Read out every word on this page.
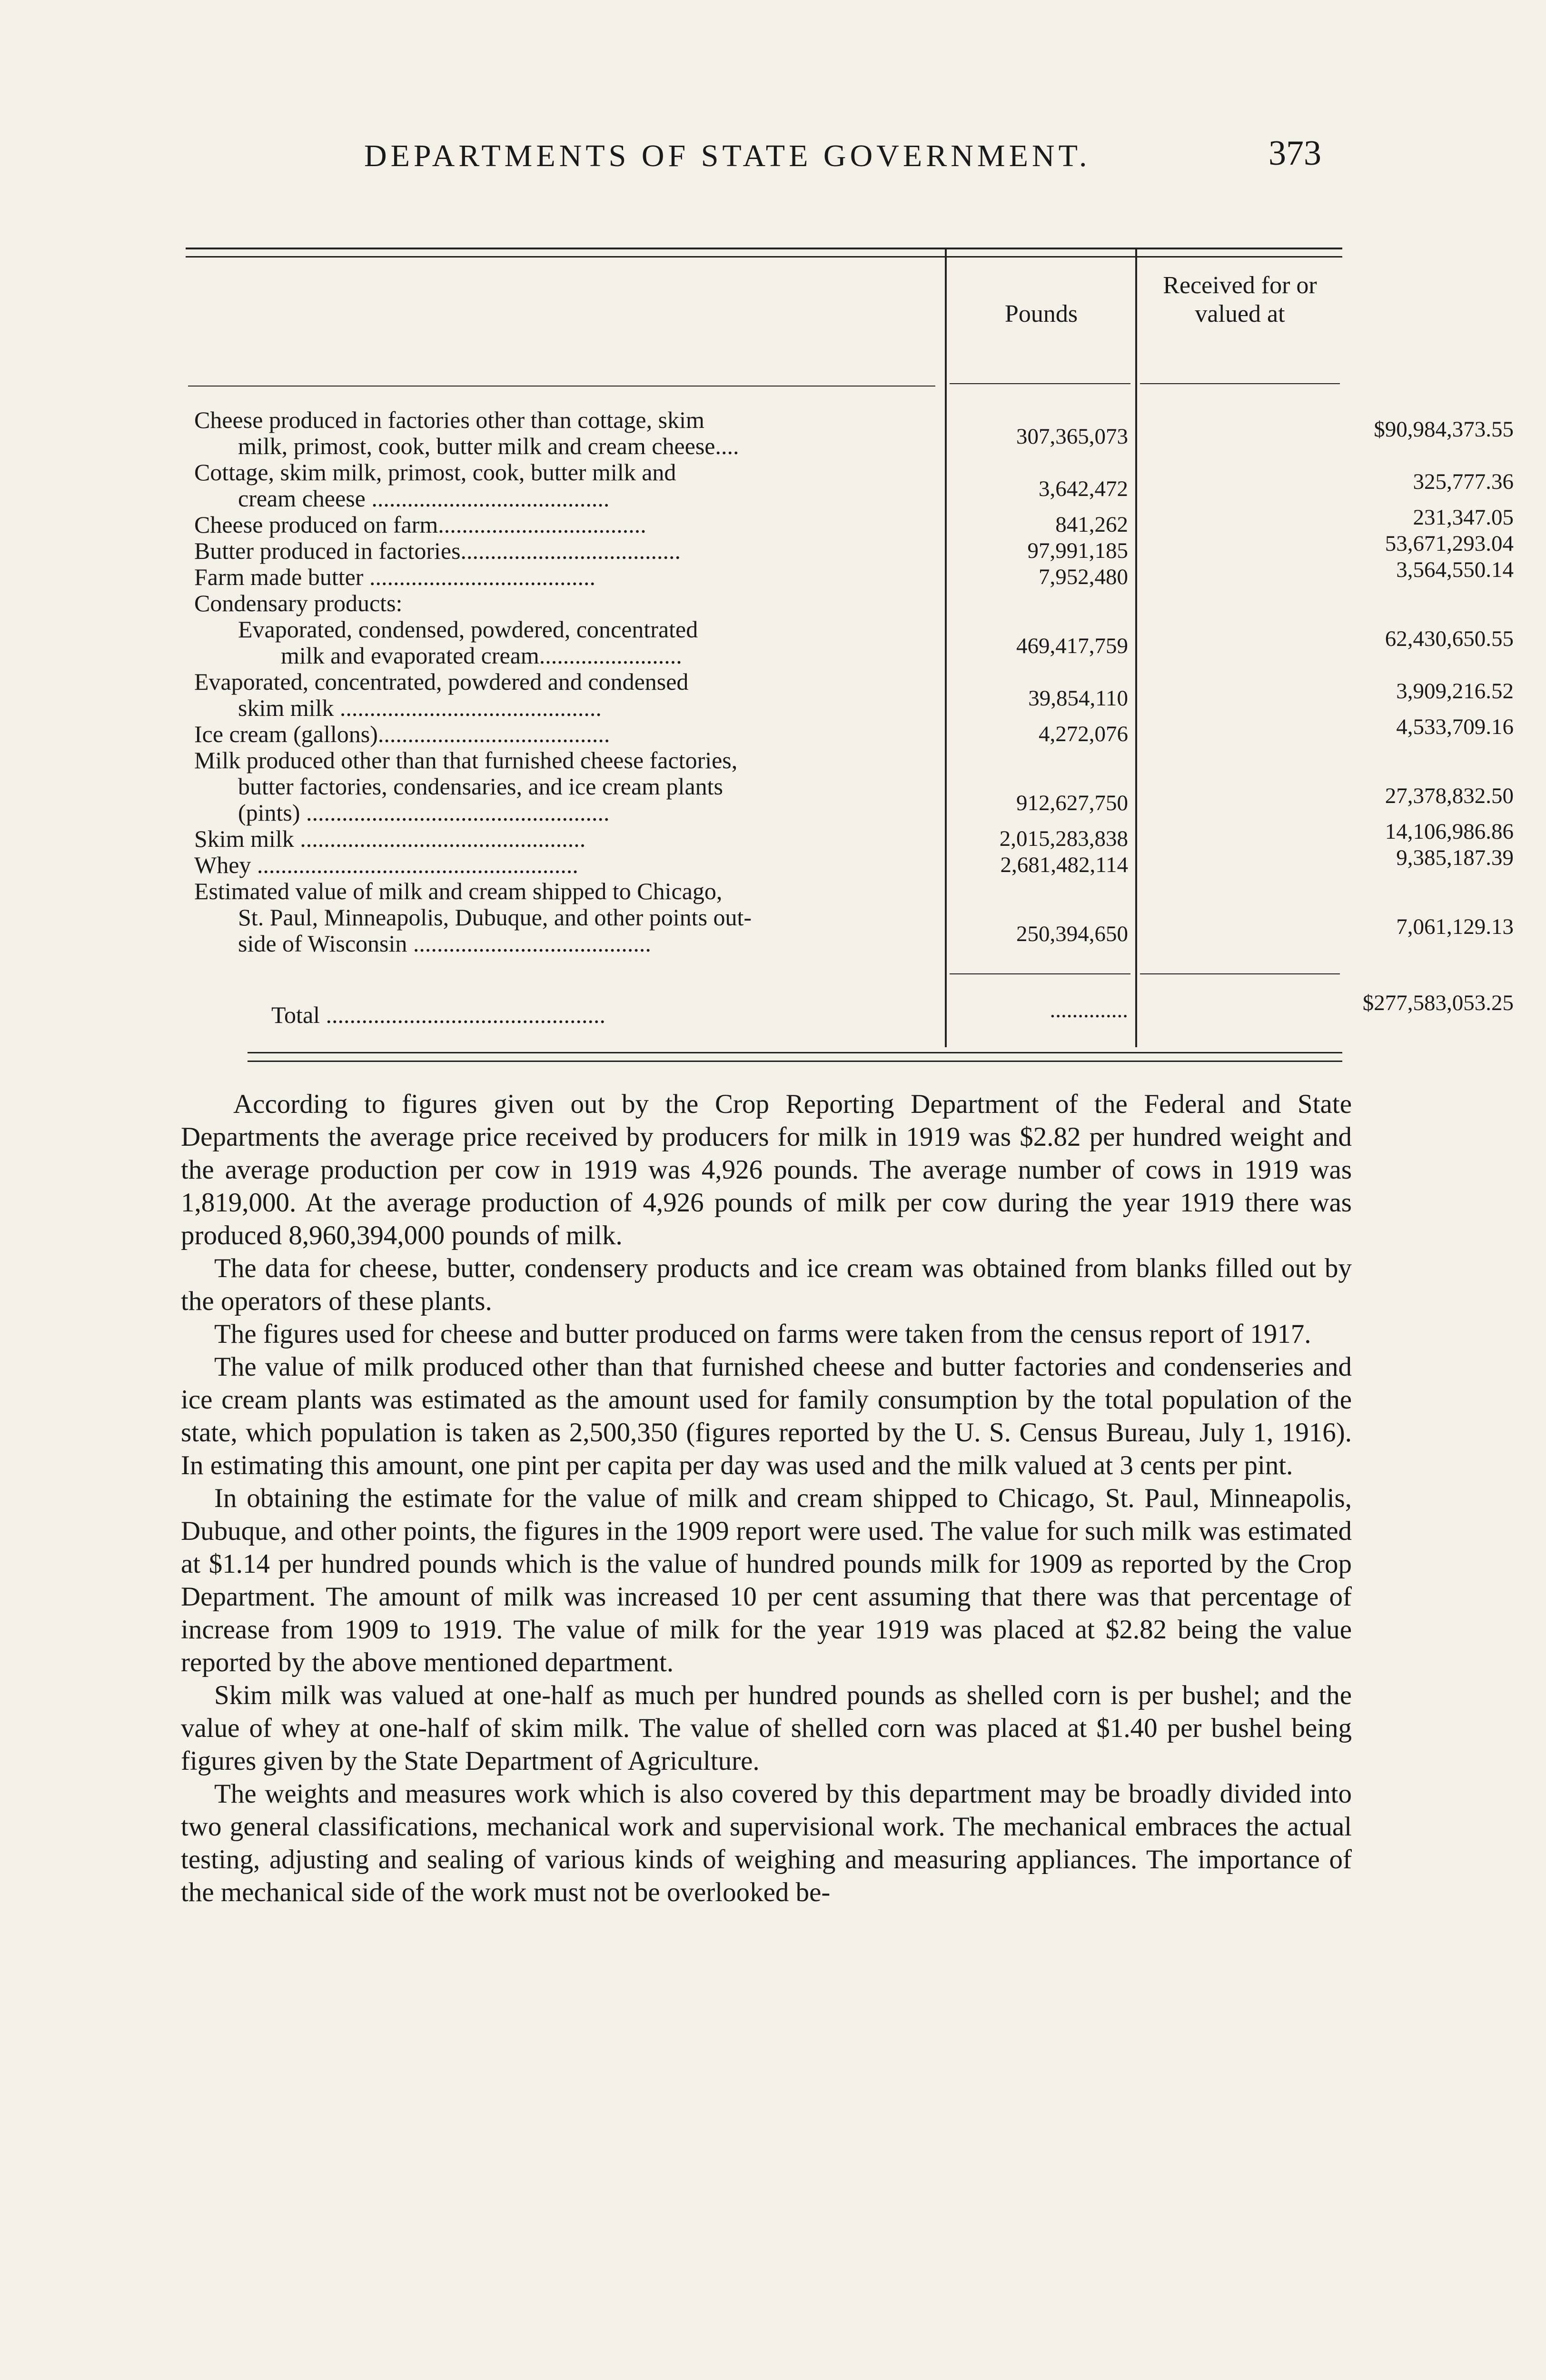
DEPARTMENTS OF STATE GOVERNMENT.	373
Pounds
Received for or valued at
Cheese produced in factories other than cottage, skim
milk, primost, cook, butter milk and cream cheese....	307,365,073	$90,984,373.55
Cottage, skim milk, primost, cook, butter milk and
cream cheese ........................................	3,642,472	325,777.36
Cheese produced on farm...................................	841,262	231,347.05
Butter produced in factories.....................................	97,991,185	53,671,293.04
Farm made butter ......................................	7,952,480	3,564,550.14
Condensary products:
Evaporated, condensed, powdered, concentrated
milk and evaporated cream........................	469,417,759	62,430,650.55
Evaporated, concentrated, powdered and condensed
skim milk ............................................	39,854,110	3,909,216.52
Ice cream (gallons).......................................	4,272,076	4,533,709.16
Milk produced other than that furnished cheese factories,
butter factories, condensaries, and ice cream plants
(pints) ...................................................	912,627,750	27,378,832.50
Skim milk ................................................	2,015,283,838	14,106,986.86
Whey ......................................................	2,681,482,114	9,385,187.39
Estimated value of milk and cream shipped to Chicago,
St. Paul, Minneapolis, Dubuque, and other points out-
side of Wisconsin ........................................	250,394,650	7,061,129.13
Total ...............................................	..............	$277,583,053.25

According to figures given out by the Crop Reporting Department of the Federal and State Departments the average price received by producers for milk in 1919 was $2.82 per hundred weight and the average production per cow in 1919 was 4,926 pounds. The average number of cows in 1919 was 1,819,000. At the average production of 4,926 pounds of milk per cow during the year 1919 there was produced 8,960,394,000 pounds of milk.

The data for cheese, butter, condensery products and ice cream was obtained from blanks filled out by the operators of these plants.

The figures used for cheese and butter produced on farms were taken from the census report of 1917.

The value of milk produced other than that furnished cheese and butter factories and condenseries and ice cream plants was estimated as the amount used for family consumption by the total population of the state, which population is taken as 2,500,350 (figures reported by the U. S. Census Bureau, July 1, 1916). In estimating this amount, one pint per capita per day was used and the milk valued at 3 cents per pint.

In obtaining the estimate for the value of milk and cream shipped to Chicago, St. Paul, Minneapolis, Dubuque, and other points, the figures in the 1909 report were used. The value for such milk was estimated at $1.14 per hundred pounds which is the value of hundred pounds milk for 1909 as reported by the Crop Department. The amount of milk was increased 10 per cent assuming that there was that percentage of increase from 1909 to 1919. The value of milk for the year 1919 was placed at $2.82 being the value reported by the above mentioned department.

Skim milk was valued at one-half as much per hundred pounds as shelled corn is per bushel; and the value of whey at one-half of skim milk. The value of shelled corn was placed at $1.40 per bushel being figures given by the State Department of Agriculture.

The weights and measures work which is also covered by this department may be broadly divided into two general classifications, mechanical work and supervisional work. The mechanical embraces the actual testing, adjusting and sealing of various kinds of weighing and measuring appliances. The importance of the mechanical side of the work must not be overlooked be-
